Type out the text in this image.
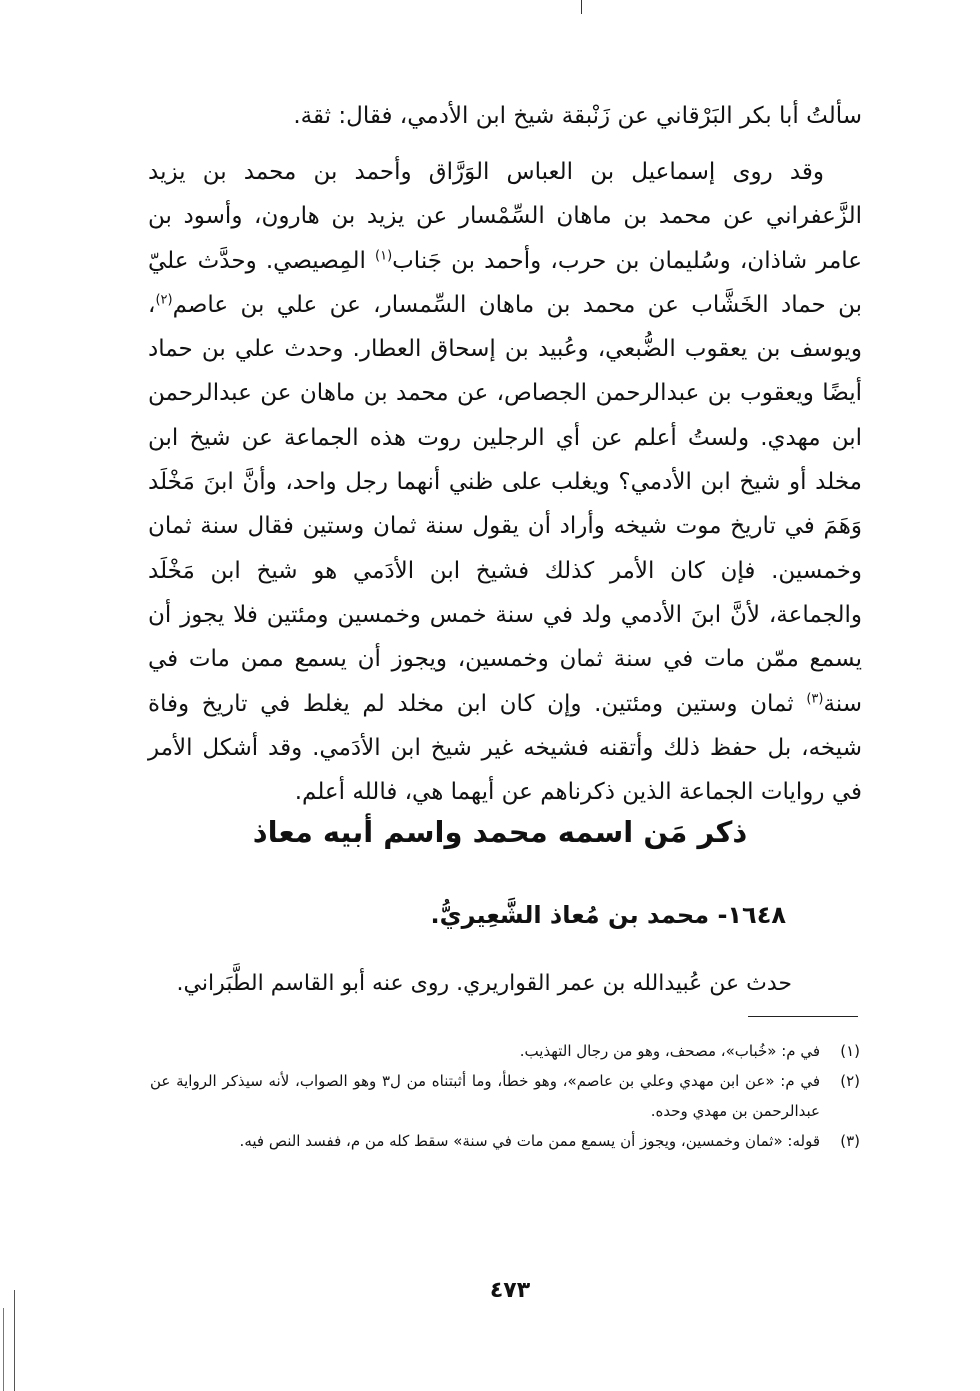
سألتُ أبا بكر البَرْقاني عن زَنْبقة شيخ ابن الأدمي، فقال: ثقة.

وقد روى إسماعيل بن العباس الوَرَّاق وأحمد بن محمد بن يزيد الزَّعفراني عن محمد بن ماهان السِّمْسار عن يزيد بن هارون، وأسود بن عامر شاذان، وسُليمان بن حرب، وأحمد بن جَناب$^{(١)}$ المِصيصي. وحدَّث عليّ بن حماد الخَشَّاب عن محمد بن ماهان السِّمسار، عن علي بن عاصم$^{(٢)}$، ويوسف بن يعقوب الضُّبعي، وعُبيد بن إسحاق العطار. وحدث علي بن حماد أيضًا ويعقوب بن عبدالرحمن الجصاص، عن محمد بن ماهان عن عبدالرحمن ابن مهدي. ولستُ أعلم عن أي الرجلين روت هذه الجماعة عن شيخ ابن مخلد أو شيخ ابن الأدمي؟ ويغلب على ظني أنهما رجل واحد، وأنَّ ابنَ مَخْلَد وَهَمَ في تاريخ موت شيخه وأراد أن يقول سنة ثمان وستين فقال سنة ثمان وخمسين. فإن كان الأمر كذلك فشيخ ابن الأدَمي هو شيخ ابن مَخْلَد والجماعة، لأنَّ ابنَ الأدمي ولد في سنة خمس وخمسين ومئتين فلا يجوز أن يسمع ممّن مات في سنة ثمان وخمسين، ويجوز أن يسمع ممن مات في سنة$^{(٣)}$ ثمان وستين ومئتين. وإن كان ابن مخلد لم يغلط في تاريخ وفاة شيخه، بل حفظ ذلك وأتقنه فشيخه غير شيخ ابن الأدَمي. وقد أشكل الأمر في روايات الجماعة الذين ذكرناهم عن أيهما هي، فالله أعلم.

ذكر مَن اسمه محمد واسم أبيه معاذ
١٦٤٨- محمد بن مُعاذ الشَّعِيريُّ.
حدث عن عُبيدالله بن عمر القواريري. روى عنه أبو القاسم الطَّبَراني.
(١)
في م: «خُباب»، مصحف، وهو من رجال التهذيب.
(٢)
في م: «عن ابن مهدي وعلي بن عاصم»، وهو خطأ، وما أثبتناه من ل٣ وهو الصواب، لأنه سيذكر الرواية عن عبدالرحمن بن مهدي وحده.
(٣)
قوله: «ثمان وخمسين، ويجوز أن يسمع ممن مات في سنة» سقط كله من م، ففسد النص فيه.
٤٧٣
